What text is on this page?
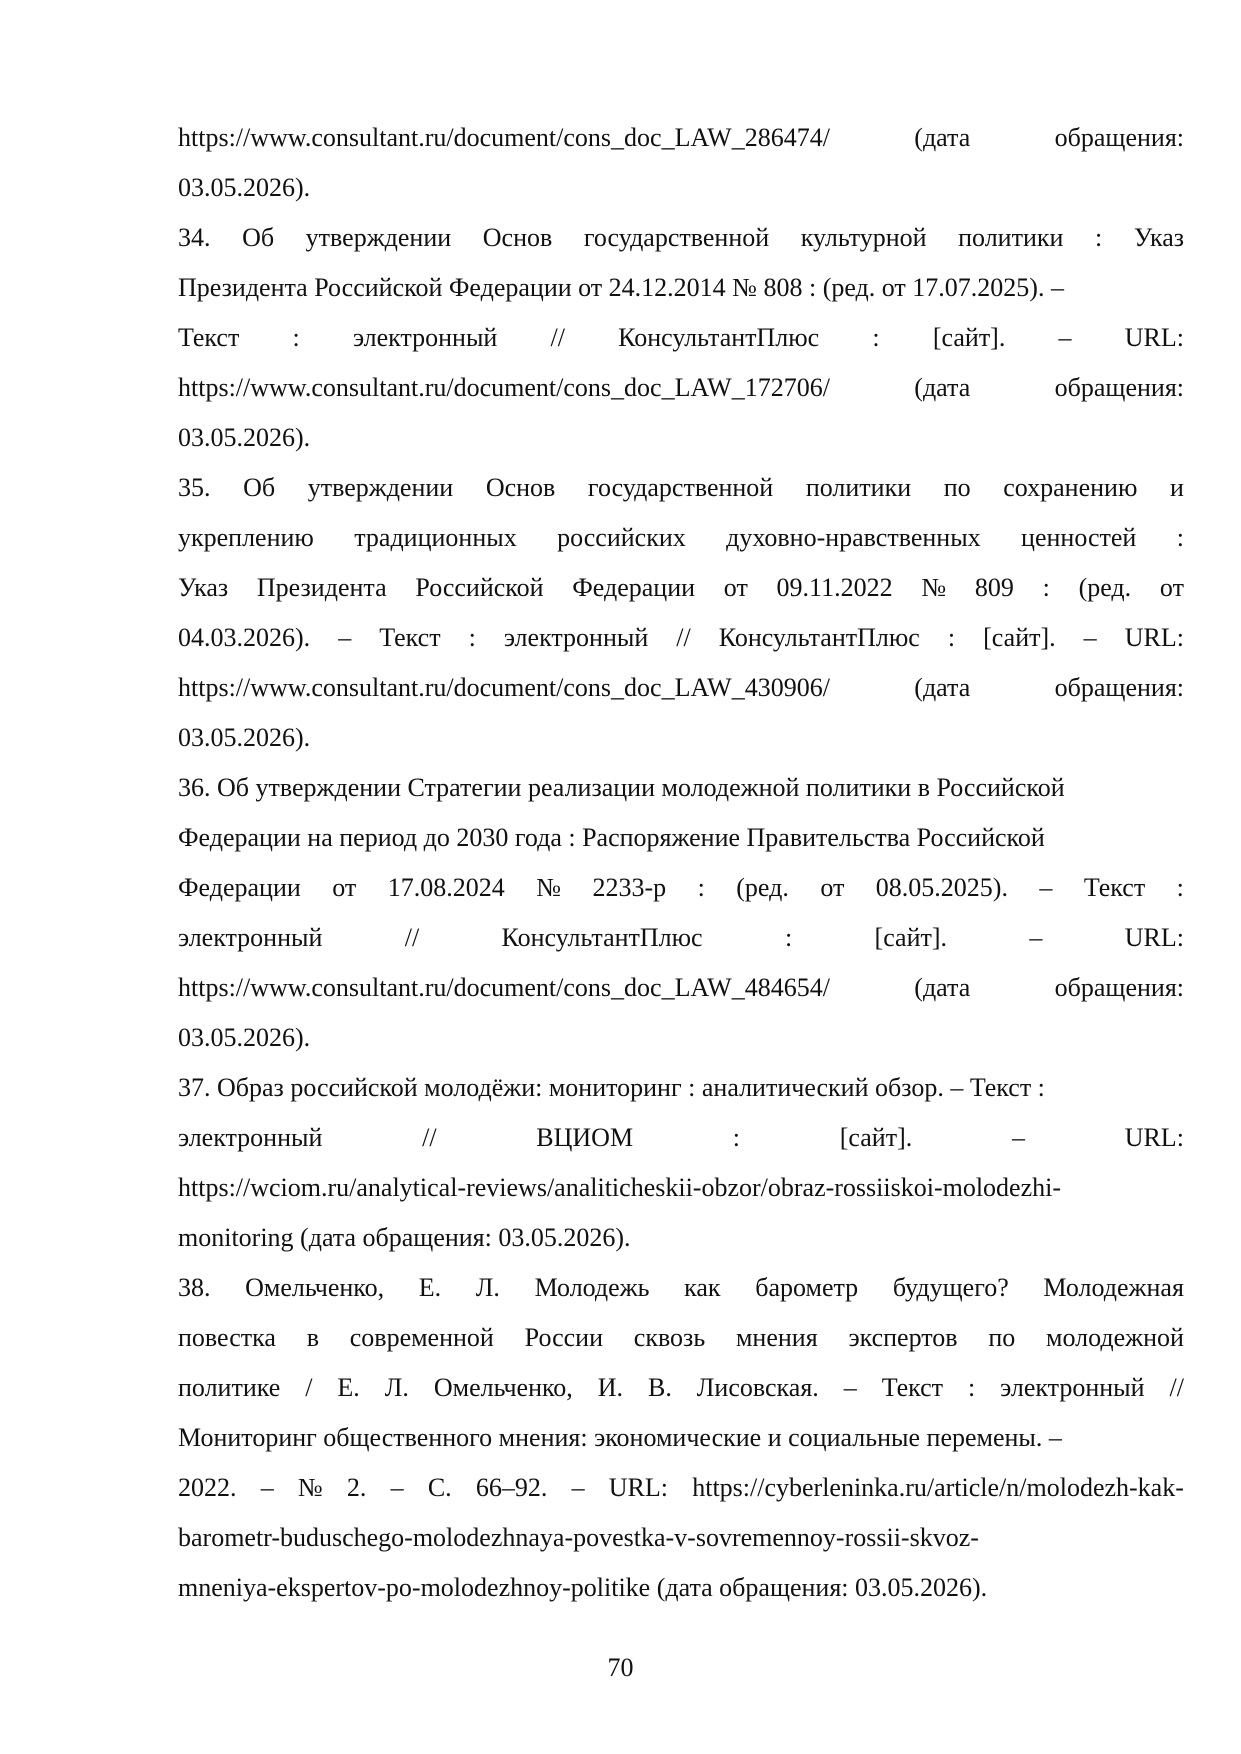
https://www.consultant.ru/document/cons_doc_LAW_286474/	(дата	обращения:
03.05.2026).
34. Об утверждении Основ государственной культурной политики : Указ
Президента Российской Федерации от 24.12.2014 № 808 : (ред. от 17.07.2025). –
Текст : электронный // КонсультантПлюс : [сайт]. – URL:
https://www.consultant.ru/document/cons_doc_LAW_172706/	(дата	обращения:
03.05.2026).
35. Об утверждении Основ государственной политики по сохранению и
укреплению традиционных российских духовно-нравственных ценностей :
Указ Президента Российской Федерации от 09.11.2022 № 809 : (ред. от
04.03.2026). – Текст : электронный // КонсультантПлюс : [сайт]. – URL:
https://www.consultant.ru/document/cons_doc_LAW_430906/	(дата	обращения:
03.05.2026).
36. Об утверждении Стратегии реализации молодежной политики в Российской
Федерации на период до 2030 года : Распоряжение Правительства Российской
Федерации от 17.08.2024 № 2233-р : (ред. от 08.05.2025). – Текст :
электронный	//	КонсультантПлюс	:	[сайт].	–	URL:
https://www.consultant.ru/document/cons_doc_LAW_484654/	(дата	обращения:
03.05.2026).
37. Образ российской молодёжи: мониторинг : аналитический обзор. – Текст :
электронный	//	ВЦИОМ	:	[сайт].	–	URL:
https://wciom.ru/analytical-reviews/analiticheskii-obzor/obraz-rossiiskoi-molodezhi-
monitoring (дата обращения: 03.05.2026).
38. Омельченко, Е. Л. Молодежь как барометр будущего? Молодежная
повестка в современной России сквозь мнения экспертов по молодежной
политике / Е. Л. Омельченко, И. В. Лисовская. – Текст : электронный //
Мониторинг общественного мнения: экономические и социальные перемены. –
2022. – № 2. – С. 66–92. – URL: https://cyberleninka.ru/article/n/molodezh-kak-
barometr-buduschego-molodezhnaya-povestka-v-sovremennoy-rossii-skvoz-
mneniya-ekspertov-po-molodezhnoy-politike (дата обращения: 03.05.2026).
70
